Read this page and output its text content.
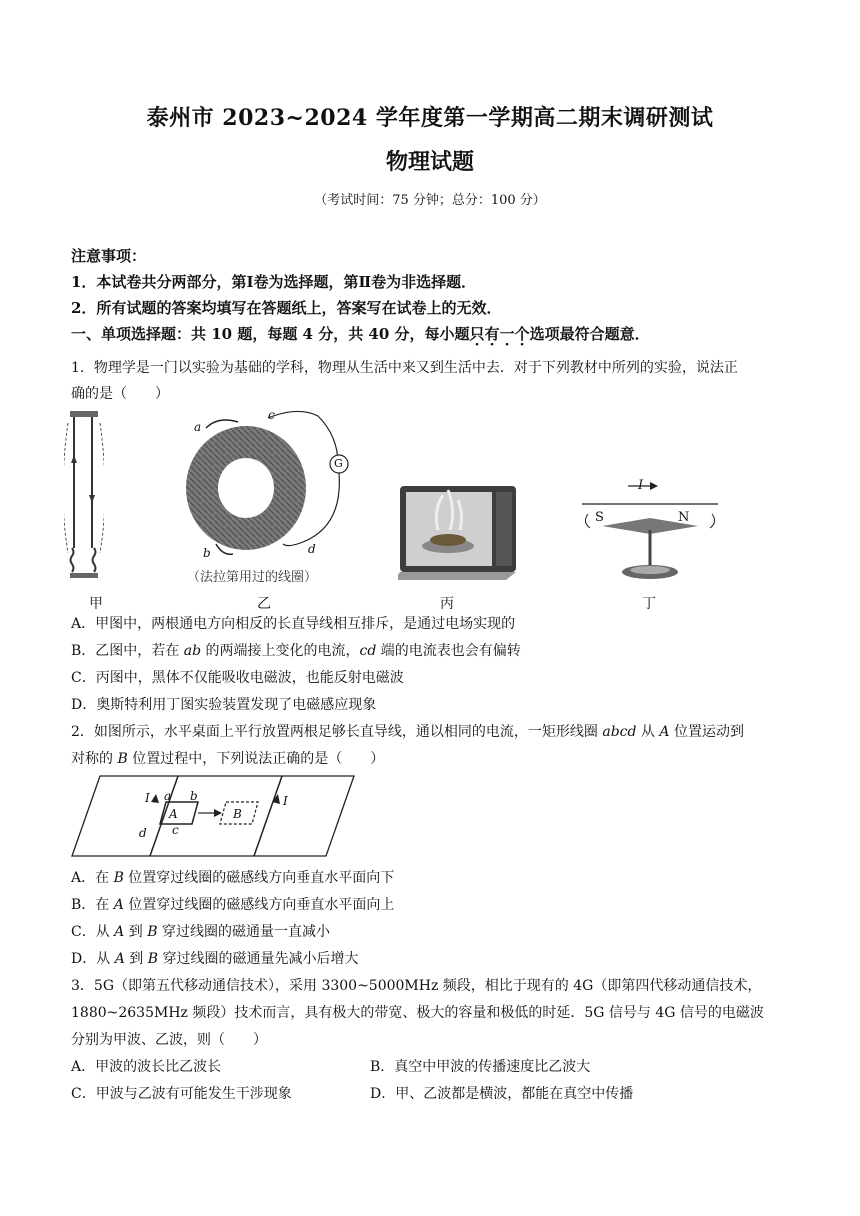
泰州市 2023~2024 学年度第一学期高二期末调研测试
物理试题
（考试时间：75 分钟；总分：100 分）
注意事项：
1．本试卷共分两部分，第Ⅰ卷为选择题，第Ⅱ卷为非选择题．
2．所有试题的答案均填写在答题纸上，答案写在试卷上的无效．
一、单项选择题：共 10 题，每题 4 分，共 40 分，每小题只有一个选项最符合题意．
1．物理学是一门以实验为基础的学科，物理从生活中来又到生活中去．对于下列教材中所列的实验，说法正
确的是（　　）
甲
a
b
c
d
G
（法拉第用过的线圈）
乙	丙
S	N
I
丁
A．甲图中，两根通电方向相反的长直导线相互排斥，是通过电场实现的
B．乙图中，若在 ab 的两端接上变化的电流，cd 端的电流表也会有偏转
C．丙图中，黑体不仅能吸收电磁波，也能反射电磁波
D．奥斯特利用丁图实验装置发现了电磁感应现象
2．如图所示，水平桌面上平行放置两根足够长直导线，通以相同的电流，一矩形线圈 abcd 从 A 位置运动到
对称的 B 位置过程中，下列说法正确的是（　　）
I a b
A
d c
B
I
A．在 B 位置穿过线圈的磁感线方向垂直水平面向下
B．在 A 位置穿过线圈的磁感线方向垂直水平面向上
C．从 A 到 B 穿过线圈的磁通量一直减小
D．从 A 到 B 穿过线圈的磁通量先减小后增大
3．5G（即第五代移动通信技术），采用 3300~5000MHz 频段，相比于现有的 4G（即第四代移动通信技术，
1880~2635MHz 频段）技术而言，具有极大的带宽、极大的容量和极低的时延．5G 信号与 4G 信号的电磁波
分别为甲波、乙波，则（　　）
A．甲波的波长比乙波长	B．真空中甲波的传播速度比乙波大
C．甲波与乙波有可能发生干涉现象	D．甲、乙波都是横波，都能在真空中传播
